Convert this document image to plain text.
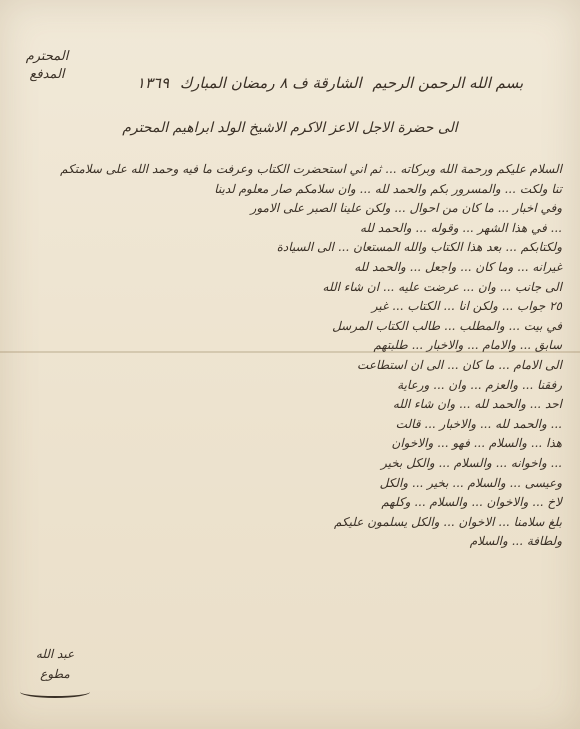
المحترم
المدفع	بسم الله الرحمن الرحيم الشارقة ف ٨ رمضان المبارك ١٣٦٩
الى حضرة الاجل الاعز الاكرم الاشيخ الولد ابراهيم المحترم

السلام عليكم ورحمة الله وبركاته ... ثم اني استحضرت الكتاب وعرفت ما فيه وحمد الله على سلامتكم

تنا ولكت ... والمسرور بكم والحمد لله ... وان سلامكم صار معلوم لدينا

وفي اخبار ... ما كان من احوال ... ولكن علينا الصبر على الامور

... في هذا الشهر ... وقوله ... والحمد لله

ولكتابكم ... بعد هذا الكتاب والله المستعان ... الى السيادة

غيرانه ... وما كان ... واجعل ... والحمد لله

الى جانب ... وان ... عرضت عليه ... ان شاء الله

٢٥ جواب ... ولكن انا ... الكتاب ... غير

في بيت ... والمطلب ... طالب الكتاب المرسل

سابق ... والامام ... والاخبار ... طلبتهم

الى الامام ... ما كان ... الى ان استطاعت

رفقنا ... والعزم ... وان ... ورعاية

احد ... والحمد لله ... وان شاء الله

... والحمد لله ... والاخبار ... قالت

هذا ... والسلام ... فهو ... والاخوان

... واخوانه ... والسلام ... والكل بخير

وعيسى ... والسلام ... بخير ... والكل

لاخ ... والاخوان ... والسلام ... وكلهم

بلغ سلامنا ... الاخوان ... والكل يسلمون عليكم

ولطافة ... والسلام

عبد الله
مطوع
